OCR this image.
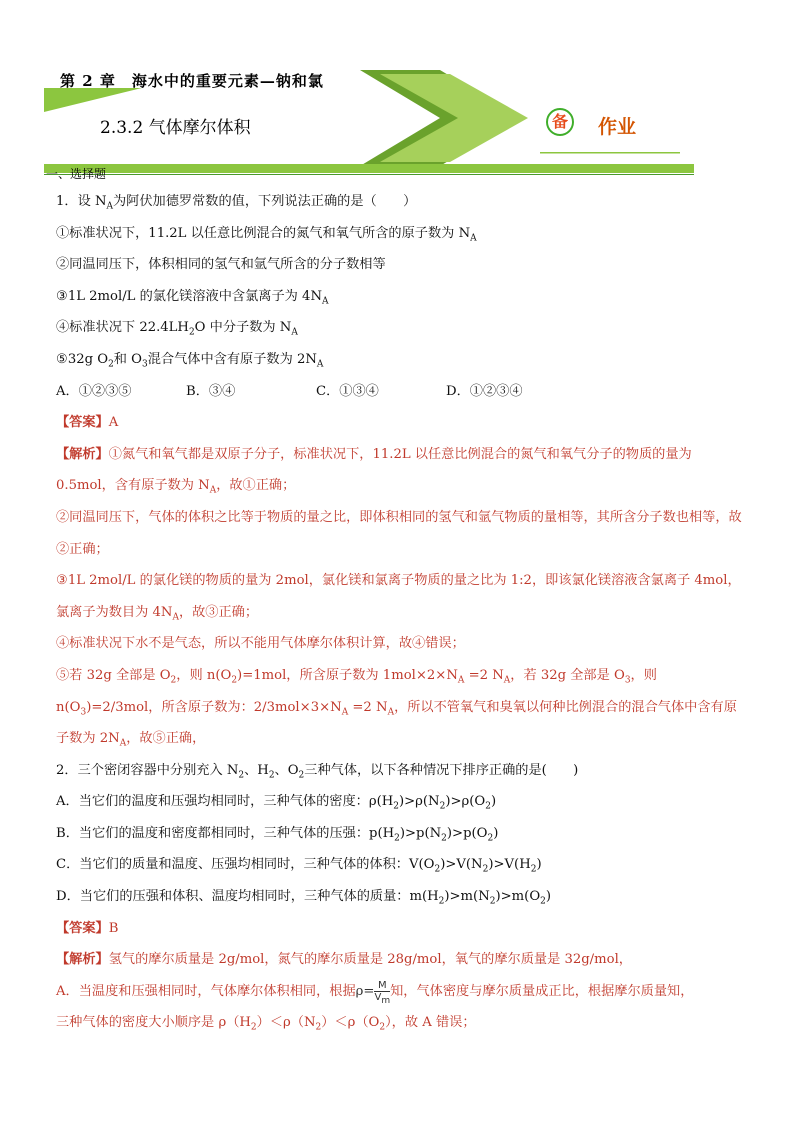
第 2 章　海水中的重要元素—钠和氯
2.3.2 气体摩尔体积	备	作业
一、选择题
1．设 $N_A$为阿伏加德罗常数的值，下列说法正确的是（　　）
①标准状况下，11.2L 以任意比例混合的氮气和氧气所含的原子数为 $N_A$
②同温同压下，体积相同的氢气和氩气所含的分子数相等
③1L 2mol/L 的氯化镁溶液中含氯离子为 $4N_A$
④标准状况下 $22.4LH_2O$ 中分子数为 $N_A$
⑤32g $O_2$和 $O_3$混合气体中含有原子数为 $2N_A$
A．①②③⑤	B．③④	C．①③④	D．①②③④
【答案】A
【解析】①氮气和氧气都是双原子分子，标准状况下，11.2L 以任意比例混合的氮气和氧气分子的物质的量为 0.5mol，含有原子数为 $N_A$，故①正确；
②同温同压下，气体的体积之比等于物质的量之比，即体积相同的氢气和氩气物质的量相等，其所含分子数也相等，故②正确；
③1L 2mol/L 的氯化镁的物质的量为 2mol，氯化镁和氯离子物质的量之比为 1:2，即该氯化镁溶液含氯离子 4mol，氯离子为数目为 $4N_A$，故③正确；
④标准状况下水不是气态，所以不能用气体摩尔体积计算，故④错误；
⑤若 32g 全部是 $O_2$，则 $n(O_2)=1mol$，所含原子数为 $1mol\times 2\times N_A =2$ $N_A$，若 32g 全部是 $O_3$，则 $n(O_3)=2/3mol$，所含原子数为：$2/3mol\times 3\times N_A =2$ $N_A$，所以不管氧气和臭氧以何种比例混合的混合气体中含有原子数为 $2N_A$，故⑤正确，
2．三个密闭容器中分别充入 $N_2$、$H_2$、$O_2$三种气体，以下各种情况下排序正确的是(　　)
A．当它们的温度和压强均相同时，三种气体的密度：$\rho(H_2)>\rho(N_2)>\rho(O_2)$
B．当它们的温度和密度都相同时，三种气体的压强：$p(H_2)>p(N_2)>p(O_2)$
C．当它们的质量和温度、压强均相同时，三种气体的体积：$V(O_2)>V(N_2)>V(H_2)$
D．当它们的压强和体积、温度均相同时，三种气体的质量：$m(H_2)>m(N_2)>m(O_2)$
【答案】B
【解析】氢气的摩尔质量是 2g/mol，氮气的摩尔质量是 28g/mol，氧气的摩尔质量是 32g/mol，
A．当温度和压强相同时，气体摩尔体积相同，根据$\rho= \frac{M}{V_m}$ 知，气体密度与摩尔质量成正比，根据摩尔质量知，
三种气体的密度大小顺序是 $\rho(H_2)<\rho(N_2)<\rho(O_2)$，故 A 错误；
